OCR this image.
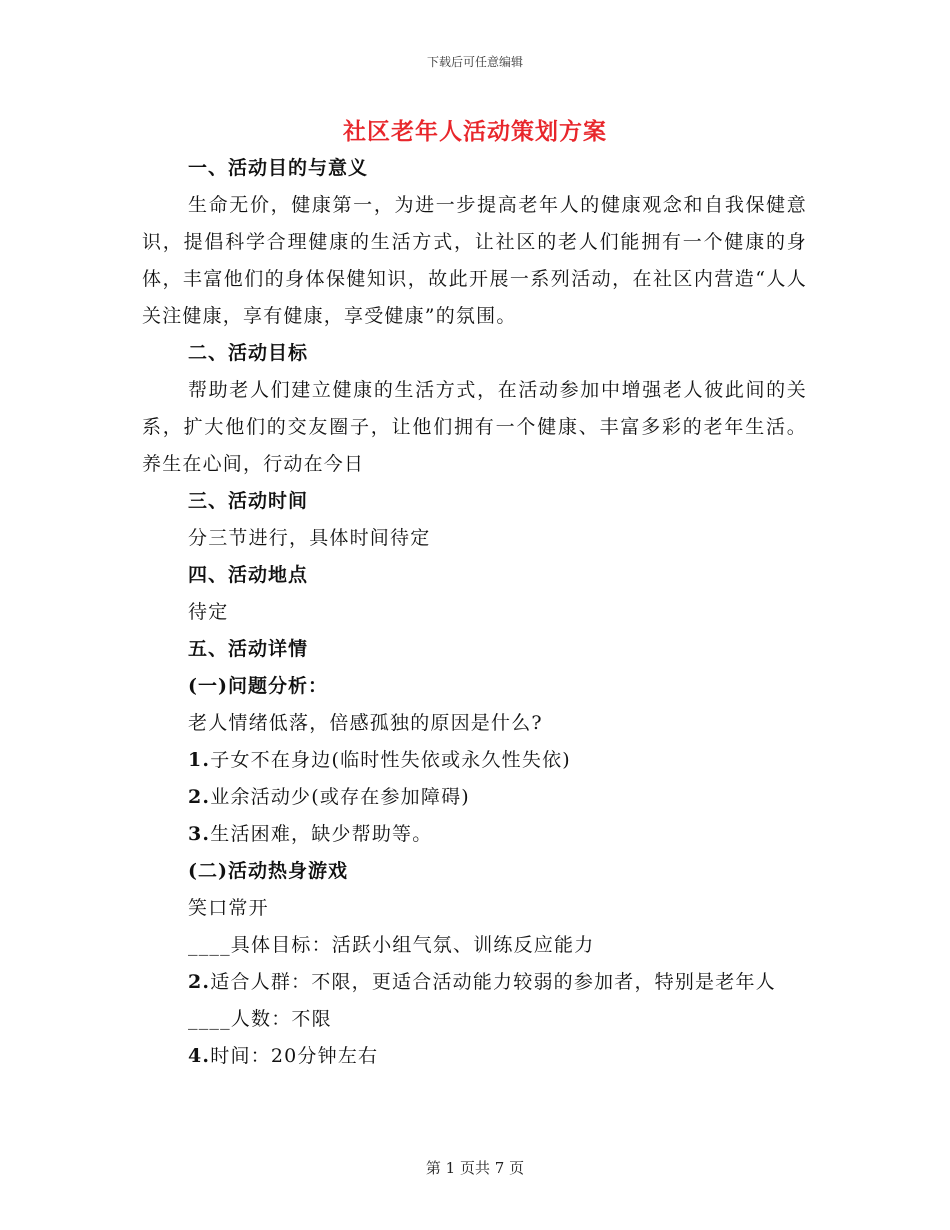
下载后可任意编辑
社区老年人活动策划方案

一、活动目的与意义

生命无价，健康第一，为进一步提高老年人的健康观念和自我保健意识，提倡科学合理健康的生活方式，让社区的老人们能拥有一个健康的身体，丰富他们的身体保健知识，故此开展一系列活动，在社区内营造“人人关注健康，享有健康，享受健康”的氛围。

二、活动目标

帮助老人们建立健康的生活方式，在活动参加中增强老人彼此间的关系，扩大他们的交友圈子，让他们拥有一个健康、丰富多彩的老年生活。养生在心间，行动在今日

三、活动时间

分三节进行，具体时间待定

四、活动地点

待定

五、活动详情

(一)问题分析：

老人情绪低落，倍感孤独的原因是什么?

1.子女不在身边(临时性失依或永久性失依)

2.业余活动少(或存在参加障碍)

3.生活困难，缺少帮助等。

(二)活动热身游戏

笑口常开

____具体目标：活跃小组气氛、训练反应能力

2.适合人群：不限，更适合活动能力较弱的参加者，特别是老年人

____人数：不限

4.时间：20分钟左右

第 1 页共 7 页
